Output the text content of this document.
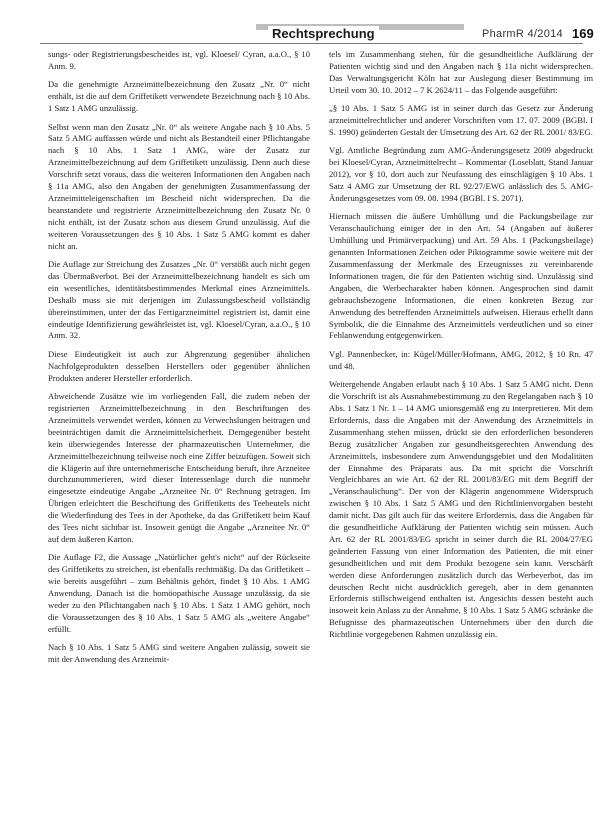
Rechtsprechung	PharmR 4/2014 169

sungs- oder Registrierungsbescheides ist, vgl. Kloesel/ Cyran, a.a.O., § 10 Anm. 9.

Da die genehmigte Arzneimittelbezeichnung den Zusatz „Nr. 0“ nicht enthält, ist die auf dem Griffetikett verwendete Bezeichnung nach § 10 Abs. 1 Satz 1 AMG unzulässig.

Selbst wenn man den Zusatz „Nr. 0“ als weitere Angabe nach § 10 Abs. 5 Satz 5 AMG auffassen würde und nicht als Bestandteil einer Pflichtangabe nach § 10 Abs. 1 Satz 1 AMG, wäre der Zusatz zur Arzneimittelbezeichnung auf dem Griffetikett unzulässig. Denn auch diese Vorschrift setzt voraus, dass die weiteren Informationen den Angaben nach § 11a AMG, also den Angaben der genehmigten Zusammenfassung der Arzneimitteleigenschaften im Bescheid nicht widersprechen. Da die beanstandete und registrierte Arzneimittelbezeichnung den Zusatz Nr. 0 nicht enthält, ist der Zusatz schon aus diesem Grund unzulässig. Auf die weiteren Voraussetzungen des § 10 Abs. 1 Satz 5 AMG kommt es daher nicht an.

Die Auflage zur Streichung des Zusatzes „Nr. 0“ verstößt auch nicht gegen das Übermaßverbot. Bei der Arzneimittelbezeichnung handelt es sich um ein wesentliches, identitätsbestimmendes Merkmal eines Arzneimittels. Deshalb muss sie mit derjenigen im Zulassungsbescheid vollständig übereinstimmen, unter der das Fertigarzneimittel registriert ist, damit eine eindeutige Identifizierung gewährleistet ist, vgl. Kloesel/Cyran, a.a.O., § 10 Anm. 32.

Diese Eindeutigkeit ist auch zur Abgrenzung gegenüber ähnlichen Nachfolgeprodukten desselben Herstellers oder gegenüber ähnlichen Produkten anderer Hersteller erforderlich.

Abweichende Zusätze wie im vorliegenden Fall, die zudem neben der registrierten Arzneimittelbezeichnung in den Beschriftungen des Arzneimittels verwendet werden, können zu Verwechslungen beitragen und beeinträchtigen damit die Arzneimittelsicherheit. Demgegenüber besteht kein überwiegendes Interesse der pharmazeutischen Unternehmer, die Arzneimittelbezeichnung teilweise noch eine Ziffer beizufügen. Soweit sich die Klägerin auf ihre unternehmerische Entscheidung beruft, ihre Arzneitee durchzunummerieren, wird dieser Interessenlage durch die nunmehr eingesetzte eindeutige Angabe „Arzneitee Nr. 0“ Rechnung getragen. Im Übrigen erleichtert die Beschriftung des Griffetiketts des Teebeutels nicht die Wiederfindung des Tees in der Apotheke, da das Griffetikett beim Kauf des Tees nicht sichtbar ist. Insoweit genügt die Angabe „Arzneitee Nr. 0“ auf dem äußeren Karton.

Die Auflage F2, die Aussage „Natürlicher geht's nicht“ auf der Rückseite des Griffetiketts zu streichen, ist ebenfalls rechtmäßig. Da das Griffetikett – wie bereits ausgeführt – zum Behältnis gehört, findet § 10 Abs. 1 AMG Anwendung. Danach ist die homöopathische Aussage unzulässig, da sie weder zu den Pflichtangaben nach § 10 Abs. 1 Satz 1 AMG gehört, noch die Voraussetzungen des § 10 Abs. 1 Satz 5 AMG als „weitere Angabe“ erfüllt.

Nach § 10 Abs. 1 Satz 5 AMG sind weitere Angaben zulässig, soweit sie mit der Anwendung des Arzneimit-

tels im Zusammenhang stehen, für die gesundheitliche Aufklärung der Patienten wichtig sind und den Angaben nach § 11a nicht widersprechen. Das Verwaltungsgericht Köln hat zur Auslegung dieser Bestimmung im Urteil vom 30. 10. 2012 – 7 K 2624/11 – das Folgende ausgeführt:

„§ 10 Abs. 1 Satz 5 AMG ist in seiner durch das Gesetz zur Änderung arzneimittelrechtlicher und anderer Vorschriften vom 17. 07. 2009 (BGBl. I S. 1990) geänderten Gestalt der Umsetzung des Art. 62 der RL 2001/ 83/EG.

Vgl. Amtliche Begründung zum AMG-Änderungsgesetz 2009 abgedruckt bei Kloesel/Cyran, Arzneimittelrecht – Kommentar (Loseblatt, Stand Januar 2012), vor § 10, dort auch zur Neufassung des einschlägigen § 10 Abs. 1 Satz 4 AMG zur Umsetzung der RL 92/27/EWG anlässlich des 5. AMG-Änderungsgesetzes vom 09. 08. 1994 (BGBl. I S. 2071).

Hiernach müssen die äußere Umhüllung und die Packungsbeilage zur Veranschaulichung einiger der in den Art. 54 (Angaben auf äußerer Umhüllung und Primärverpackung) und Art. 59 Abs. 1 (Packungsbeilage) genannten Informationen Zeichen oder Piktogramme sowie weitere mit der Zusammenfassung der Merkmale des Erzeugnisses zu vereinbarende Informationen tragen, die für den Patienten wichtig sind. Unzulässig sind Angaben, die Werbecharakter haben können. Angesprochen sind damit gebrauchsbezogene Informationen, die einen konkreten Bezug zur Anwendung des betreffenden Arzneimittels aufweisen. Hieraus erhellt dann Symbolik, die die Einnahme des Arzneimittels verdeutlichen und so einer Fehlanwendung entgegenwirken.

Vgl. Pannenbecker, in: Kügel/Müller/Hofmann, AMG, 2012, § 10 Rn. 47 und 48.

Weitergehende Angaben erlaubt nach § 10 Abs. 1 Satz 5 AMG nicht. Denn die Vorschrift ist als Ausnahmebestimmung zu den Regelangaben nach § 10 Abs. 1 Satz 1 Nr. 1 – 14 AMG unionsgemäß eng zu interpretieren. Mit dem Erfordernis, dass die Angaben mit der Anwendung des Arzneimittels in Zusammenhang stehen müssen, drückt sie den erforderlichen besonderen Bezug zusätzlicher Angaben zur gesundheitsgerechten Anwendung des Arzneimittels, insbesondere zum Anwendungsgebiet und den Modalitäten der Einnahme des Präparats aus. Da mit spricht die Vorschrift Vergleichbares an wie Art. 62 der RL 2001/83/EG mit dem Begriff der „Veranschaulichung“. Der von der Klägerin angenommene Widerspruch zwischen § 10 Abs. 1 Satz 5 AMG und den Richtlinienvorgaben besteht damit nicht. Das gilt auch für das weitere Erfordernis, dass die Angaben für die gesundheitliche Aufklärung der Patienten wichtig sein müssen. Auch Art. 62 der RL 2001/83/EG spricht in seiner durch die RL 2004/27/EG geänderten Fassung von einer Information des Patienten, die mit einer gesundheitlichen und mit dem Produkt bezogene sein kann. Verschärft werden diese Anforderungen zusätzlich durch das Werbeverbot, das im deutschen Recht nicht ausdrücklich geregelt, aber in dem genannten Erfordernis stillschweigend enthalten ist. Angesichts dessen besteht auch insoweit kein Anlass zu der Annahme, § 10 Abs. 1 Satz 5 AMG schränke die Befugnisse des pharmazeutischen Unternehmers über den durch die Richtlinie vorgegebenen Rahmen unzulässig ein.
